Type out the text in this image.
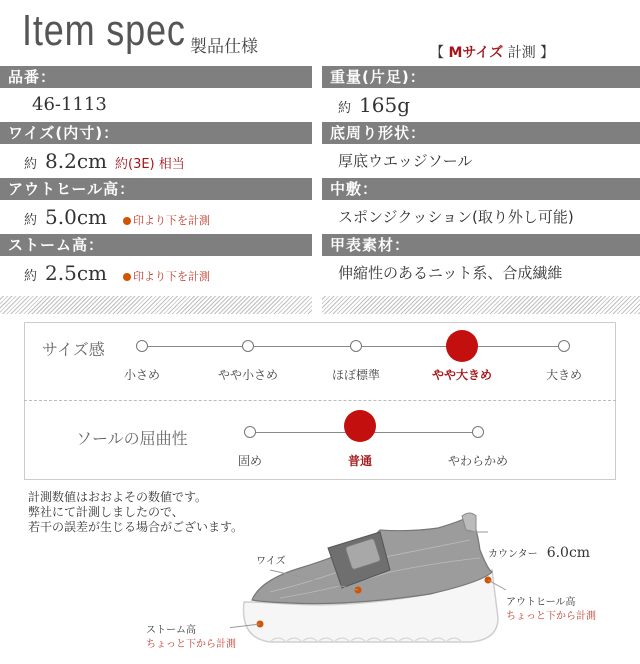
Item spec 製品仕様	【 Mサイズ 計測 】
品番：
46-1113
ワイズ(内寸)：
約 8.2cm 約(3E) 相当
アウトヒール高：
約 5.0cm 印より下を計測
ストーム高：
約 2.5cm 印より下を計測
重量(片足)：
約 165g
底周り形状：
厚底ウエッジソール
中敷：
スポンジクッション(取り外し可能)
甲表素材：
伸縮性のあるニット系、合成繊維
サイズ感
小さめ	やや小さめ	ほぼ標準	やや大きめ	大きめ
ソールの屈曲性
固め	普通	やわらかめ
計測数値はおおよその数値です。
弊社にて計測しましたので、
若干の誤差が生じる場合がございます。
ワイズ
カウンター 6.0cm
アウトヒール高
ちょっと下から計測
ストーム高
ちょっと下から計測
